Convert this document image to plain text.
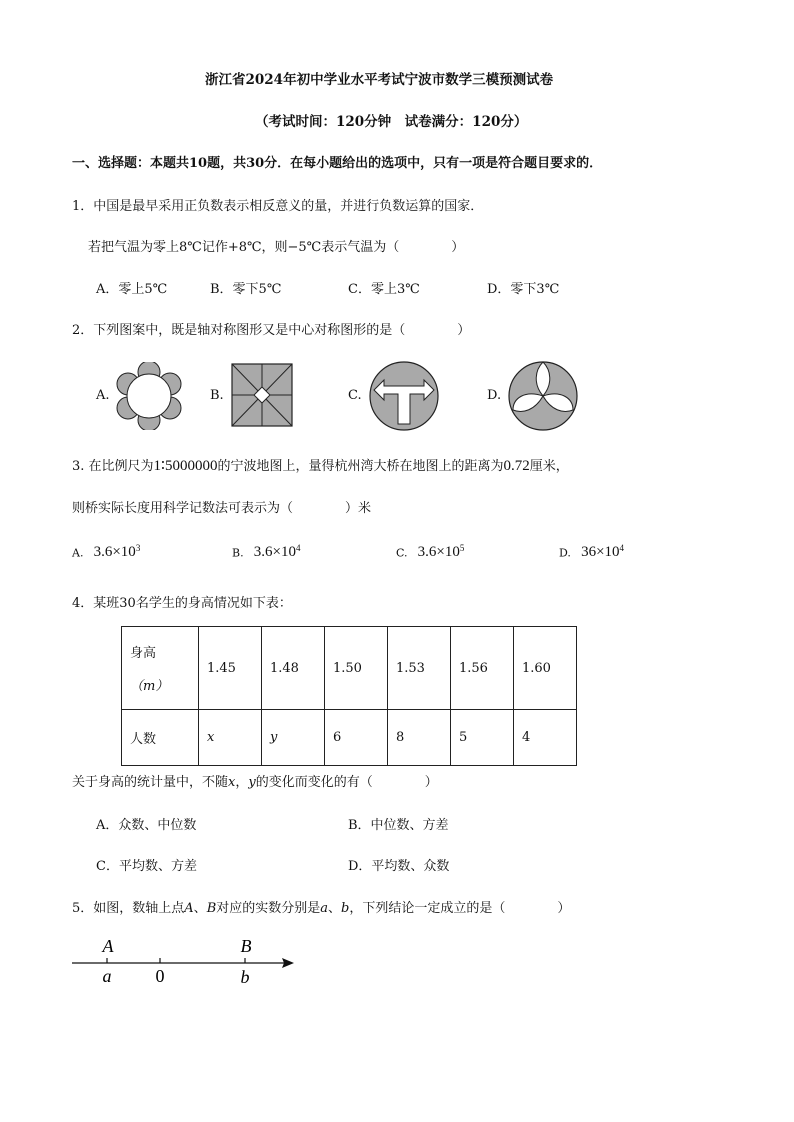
浙江省2024年初中学业水平考试宁波市数学三模预测试卷
（考试时间：120分钟　试卷满分：120分）
一、选择题：本题共10题，共30分．在每小题给出的选项中，只有一项是符合题目要求的．
1．中国是最早采用正负数表示相反意义的量，并进行负数运算的国家．
若把气温为零上8℃记作+8℃，则−5℃表示气温为（　　　　）
A．零上5℃	B．零下5℃	C．零上3℃	D．零下3℃
2．下列图案中，既是轴对称图形又是中心对称图形的是（　　　　）
A.	B.	C.	D.
3. 在比例尺为1∶5000000的宁波地图上，量得杭州湾大桥在地图上的距离为0.72厘米，
则桥实际长度用科学记数法可表示为（　　　　）米
A. $3.6\times 10^3$	B. $3.6\times 10^4$	C. $3.6\times 10^5$	D. $36\times 10^4$
4．某班30名学生的身高情况如下表：
身高
（m）	1.45	1.48	1.50	1.53	1.56	1.60
人数	x	y	6	8	5	4
关于身高的统计量中，不随x，y的变化而变化的有（　　　　）
A．众数、中位数	B．中位数、方差
C．平均数、方差	D．平均数、众数
5．如图，数轴上点A、B对应的实数分别是a、b，下列结论一定成立的是（　　　　）
A	B
a 0	b
